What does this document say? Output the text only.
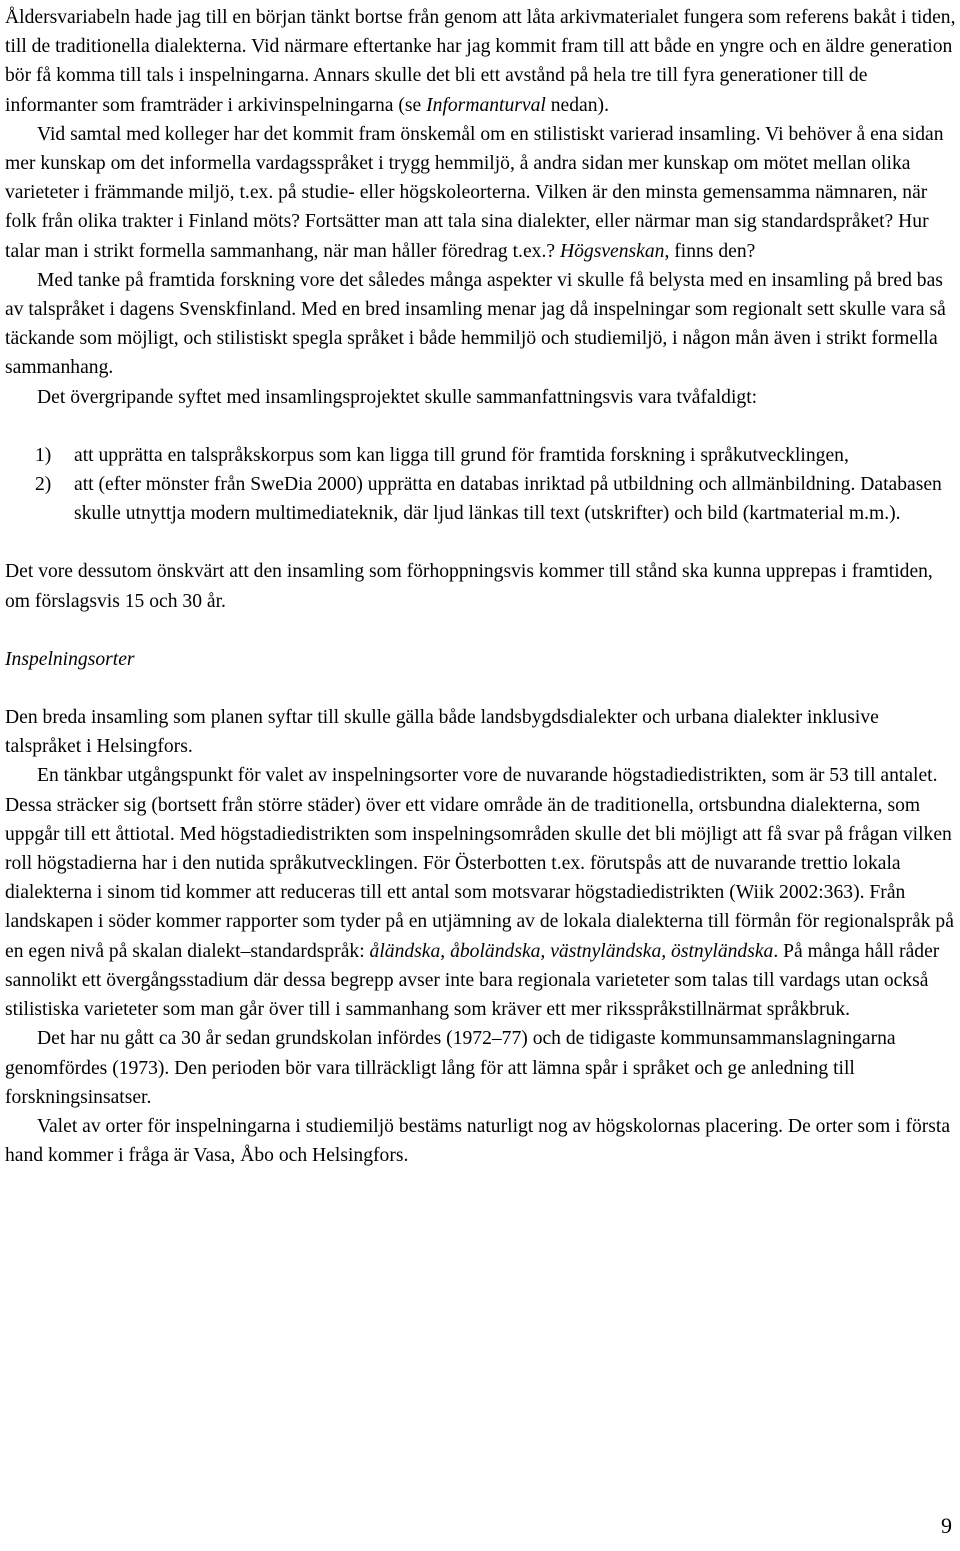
Åldersvariabeln hade jag till en början tänkt bortse från genom att låta arkivmaterialet fungera som referens bakåt i tiden, till de traditionella dialekterna. Vid närmare eftertanke har jag kommit fram till att både en yngre och en äldre generation bör få komma till tals i inspelningarna. Annars skulle det bli ett avstånd på hela tre till fyra generationer till de informanter som framträder i arkivinspelningarna (se Informanturval nedan).

Vid samtal med kolleger har det kommit fram önskemål om en stilistiskt varierad insamling. Vi behöver å ena sidan mer kunskap om det informella vardagsspråket i trygg hemmiljö, å andra sidan mer kunskap om mötet mellan olika varieteter i främmande miljö, t.ex. på studie- eller högskoleorterna. Vilken är den minsta gemensamma nämnaren, när folk från olika trakter i Finland möts? Fortsätter man att tala sina dialekter, eller närmar man sig standardspråket? Hur talar man i strikt formella sammanhang, när man håller föredrag t.ex.? Högsvenskan, finns den?

Med tanke på framtida forskning vore det således många aspekter vi skulle få belysta med en insamling på bred bas av talspråket i dagens Svenskfinland. Med en bred insamling menar jag då inspelningar som regionalt sett skulle vara så täckande som möjligt, och stilistiskt spegla språket i både hemmiljö och studiemiljö, i någon mån även i strikt formella sammanhang.

Det övergripande syftet med insamlingsprojektet skulle sammanfattningsvis vara tvåfaldigt:

1) att upprätta en talspråkskorpus som kan ligga till grund för framtida forskning i språkutvecklingen,
2) att (efter mönster från SweDia 2000) upprätta en databas inriktad på utbildning och allmänbildning. Databasen skulle utnyttja modern multimediateknik, där ljud länkas till text (utskrifter) och bild (kartmaterial m.m.).

Det vore dessutom önskvärt att den insamling som förhoppningsvis kommer till stånd ska kunna upprepas i framtiden, om förslagsvis 15 och 30 år.

Inspelningsorter

Den breda insamling som planen syftar till skulle gälla både landsbygdsdialekter och urbana dialekter inklusive talspråket i Helsingfors.

En tänkbar utgångspunkt för valet av inspelningsorter vore de nuvarande högstadiedistrikten, som är 53 till antalet. Dessa sträcker sig (bortsett från större städer) över ett vidare område än de traditionella, ortsbundna dialekterna, som uppgår till ett åttiotal. Med högstadiedistrikten som inspelningsområden skulle det bli möjligt att få svar på frågan vilken roll högstadierna har i den nutida språkutvecklingen. För Österbotten t.ex. förutspås att de nuvarande trettio lokala dialekterna i sinom tid kommer att reduceras till ett antal som motsvarar högstadiedistrikten (Wiik 2002:363). Från landskapen i söder kommer rapporter som tyder på en utjämning av de lokala dialekterna till förmån för regionalspråk på en egen nivå på skalan dialekt–standardspråk: åländska, åboländska, västnyländska, östnyländska. På många håll råder sannolikt ett övergångsstadium där dessa begrepp avser inte bara regionala varieteter som talas till vardags utan också stilistiska varieteter som man går över till i sammanhang som kräver ett mer riksspråkstillnärmat språkbruk.

Det har nu gått ca 30 år sedan grundskolan infördes (1972–77) och de tidigaste kommunsammanslagningarna genomfördes (1973). Den perioden bör vara tillräckligt lång för att lämna spår i språket och ge anledning till forskningsinsatser.

Valet av orter för inspelningarna i studiemiljö bestäms naturligt nog av högskolornas placering. De orter som i första hand kommer i fråga är Vasa, Åbo och Helsingfors.

9
